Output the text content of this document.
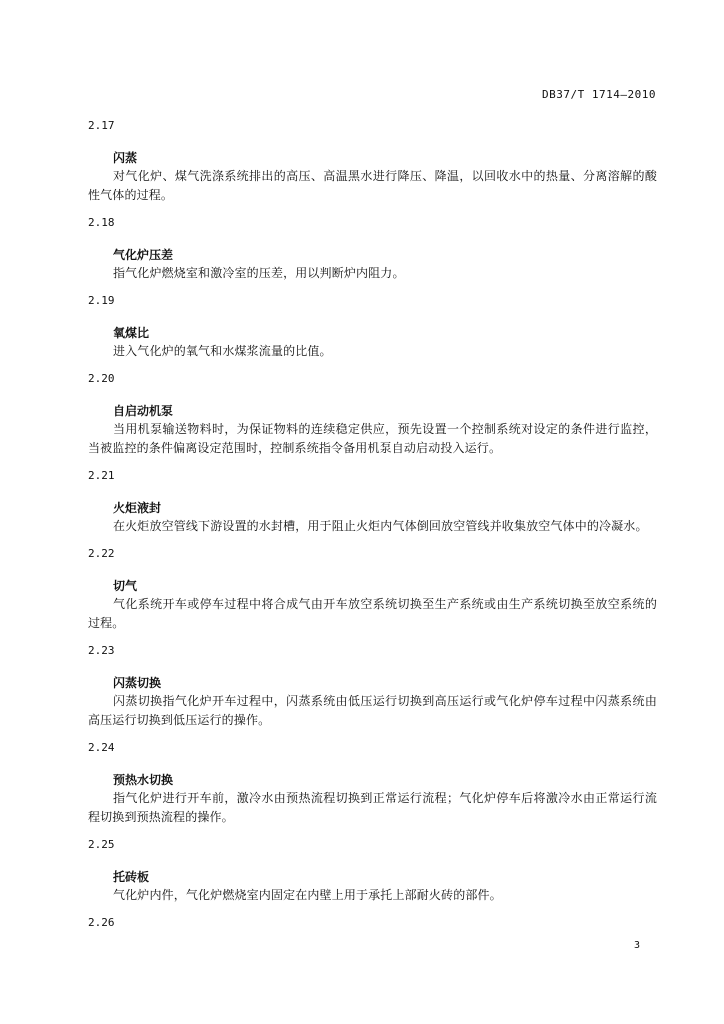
DB37/T 1714—2010
2.17
闪蒸

对气化炉、煤气洗涤系统排出的高压、高温黑水进行降压、降温，以回收水中的热量、分离溶解的酸性气体的过程。

2.18
气化炉压差

指气化炉燃烧室和激冷室的压差，用以判断炉内阻力。

2.19
氧煤比

进入气化炉的氧气和水煤浆流量的比值。

2.20
自启动机泵

当用机泵输送物料时，为保证物料的连续稳定供应，预先设置一个控制系统对设定的条件进行监控，当被监控的条件偏离设定范围时，控制系统指令备用机泵自动启动投入运行。

2.21
火炬液封

在火炬放空管线下游设置的水封槽，用于阻止火炬内气体倒回放空管线并收集放空气体中的冷凝水。

2.22
切气

气化系统开车或停车过程中将合成气由开车放空系统切换至生产系统或由生产系统切换至放空系统的过程。

2.23
闪蒸切换

闪蒸切换指气化炉开车过程中，闪蒸系统由低压运行切换到高压运行或气化炉停车过程中闪蒸系统由高压运行切换到低压运行的操作。

2.24
预热水切换

指气化炉进行开车前，激冷水由预热流程切换到正常运行流程；气化炉停车后将激冷水由正常运行流程切换到预热流程的操作。

2.25
托砖板

气化炉内件，气化炉燃烧室内固定在内壁上用于承托上部耐火砖的部件。

2.26
3
